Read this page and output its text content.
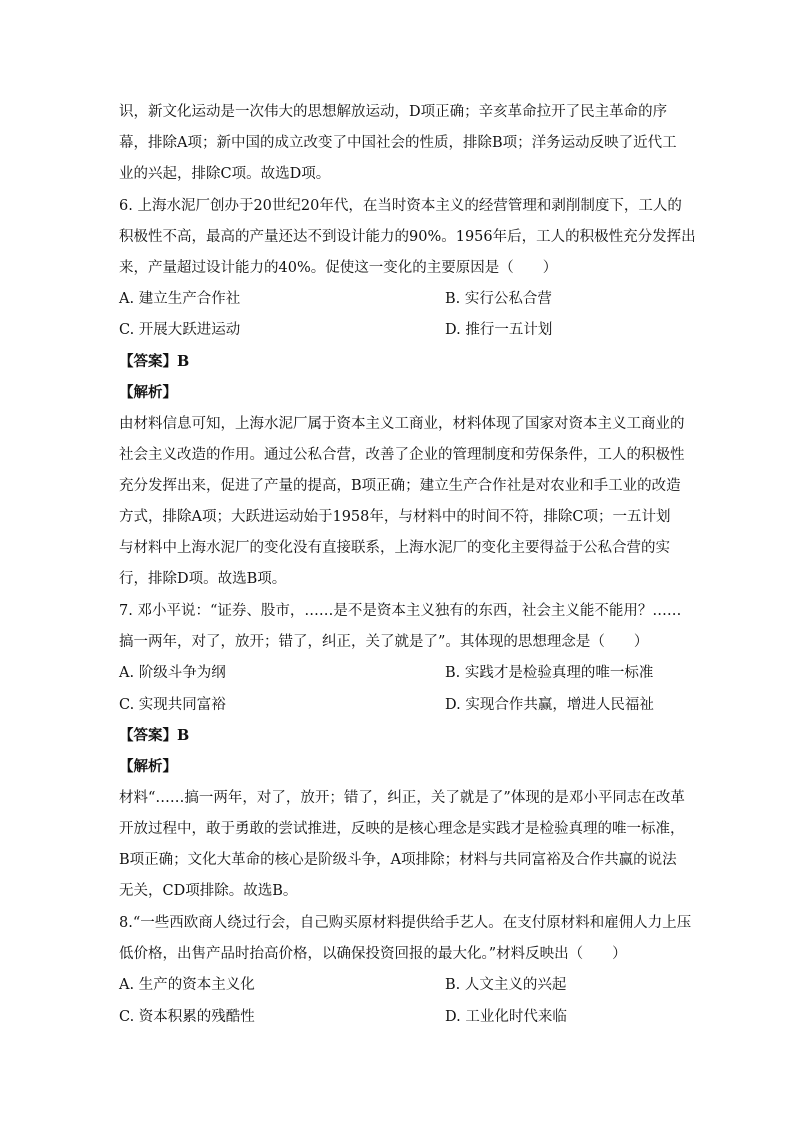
识，新文化运动是一次伟大的思想解放运动，D项正确；辛亥革命拉开了民主革命的序
幕，排除A项；新中国的成立改变了中国社会的性质，排除B项；洋务运动反映了近代工
业的兴起，排除C项。故选D项。
6. 上海水泥厂创办于20世纪20年代，在当时资本主义的经营管理和剥削制度下，工人的
积极性不高，最高的产量还达不到设计能力的90%。1956年后，工人的积极性充分发挥出
来，产量超过设计能力的40%。促使这一变化的主要原因是（　　）
A. 建立生产合作社	B. 实行公私合营
C. 开展大跃进运动	D. 推行一五计划
【答案】B
【解析】
由材料信息可知，上海水泥厂属于资本主义工商业，材料体现了国家对资本主义工商业的
社会主义改造的作用。通过公私合营，改善了企业的管理制度和劳保条件，工人的积极性
充分发挥出来，促进了产量的提高，B项正确；建立生产合作社是对农业和手工业的改造
方式，排除A项；大跃进运动始于1958年，与材料中的时间不符，排除C项；一五计划
与材料中上海水泥厂的变化没有直接联系，上海水泥厂的变化主要得益于公私合营的实
行，排除D项。故选B项。
7. 邓小平说：“证券、股市，……是不是资本主义独有的东西，社会主义能不能用？……
搞一两年，对了，放开；错了，纠正，关了就是了”。其体现的思想理念是（　　）
A. 阶级斗争为纲	B. 实践才是检验真理的唯一标准
C. 实现共同富裕	D. 实现合作共赢，增进人民福祉
【答案】B
【解析】
材料“……搞一两年，对了，放开；错了，纠正，关了就是了”体现的是邓小平同志在改革
开放过程中，敢于勇敢的尝试推进，反映的是核心理念是实践才是检验真理的唯一标准，
B项正确；文化大革命的核心是阶级斗争，A项排除；材料与共同富裕及合作共赢的说法
无关，CD项排除。故选B。
8.“一些西欧商人绕过行会，自己购买原材料提供给手艺人。在支付原材料和雇佣人力上压
低价格，出售产品时抬高价格，以确保投资回报的最大化。”材料反映出（　　）
A. 生产的资本主义化	B. 人文主义的兴起
C. 资本积累的残酷性	D. 工业化时代来临
